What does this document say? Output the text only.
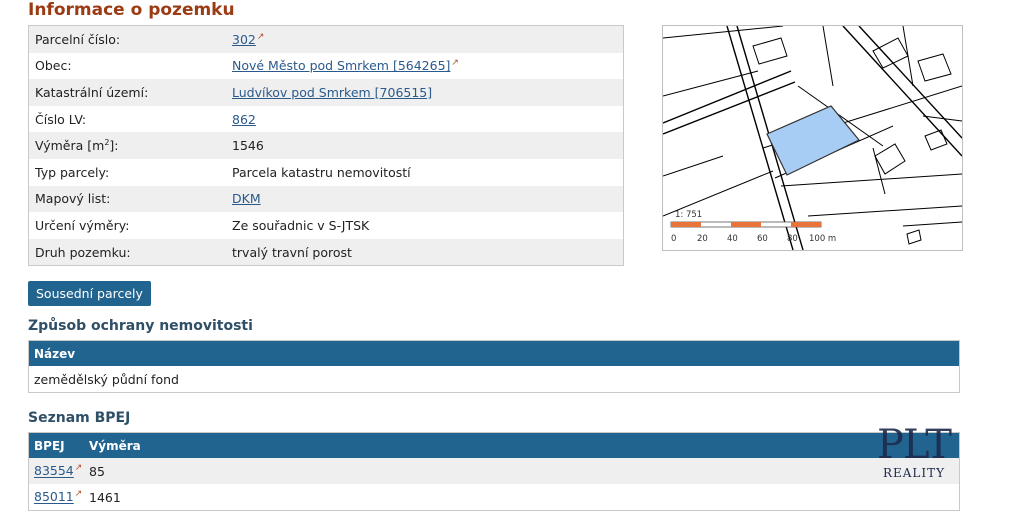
Informace o pozemku
Parcelní číslo:	302↗
Obec:	Nové Město pod Smrkem [564265]↗
Katastrální území:	Ludvíkov pod Smrkem [706515]
Číslo LV:	862
Výměra $[m^2]$:	1546
Typ parcely:	Parcela katastru nemovitostí
Mapový list:	DKM
Určení výměry:	Ze souřadnic v S-JTSK
Druh pozemku:	trvalý travní porost
1: 751
0 20 40 60 80 100 m
Sousední parcely
Způsob ochrany nemovitosti
Název
zemědělský půdní fond
Seznam BPEJ
BPEJ	Výměra
83554↗	85
85011↗	1461
PLT
REALITY
